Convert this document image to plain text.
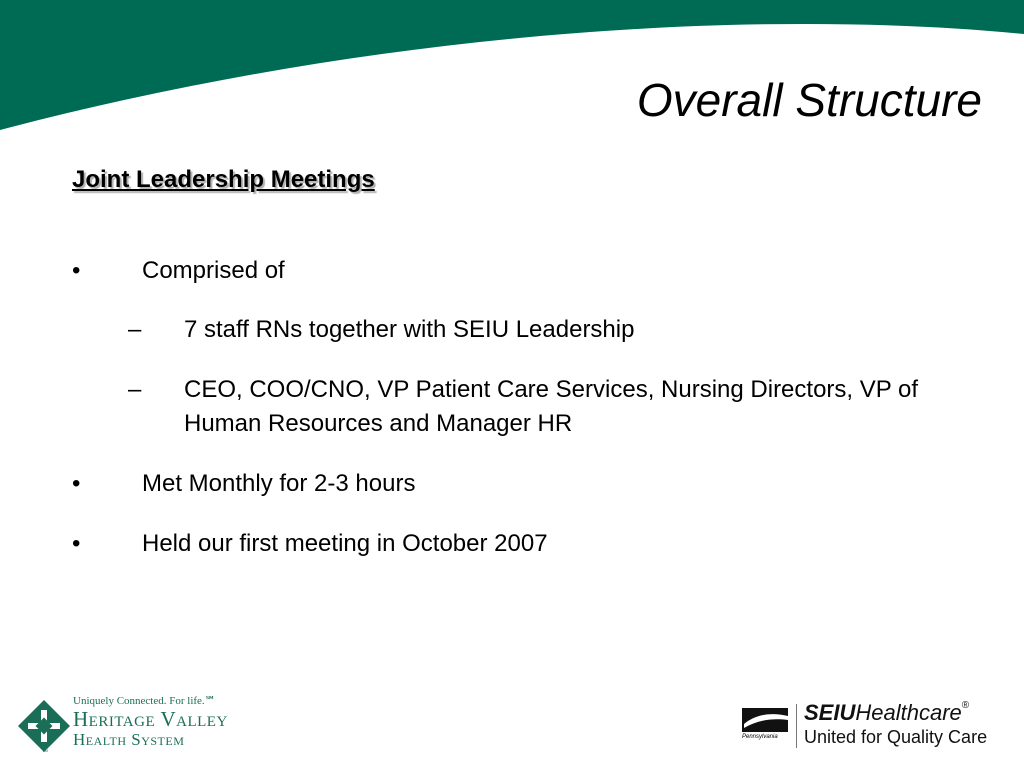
Overall Structure
Joint Leadership Meetings
•	Comprised of
– 7 staff RNs together with SEIU Leadership
– CEO, COO/CNO, VP Patient Care Services, Nursing Directors, VP of Human Resources and Manager HR
•	Met Monthly for 2-3 hours
•	Held our first meeting in October 2007
TM
Uniquely Connected. For life.℠
Heritage Valley
Health System	Pennsylvania
SEIUHealthcare®
United for Quality Care
